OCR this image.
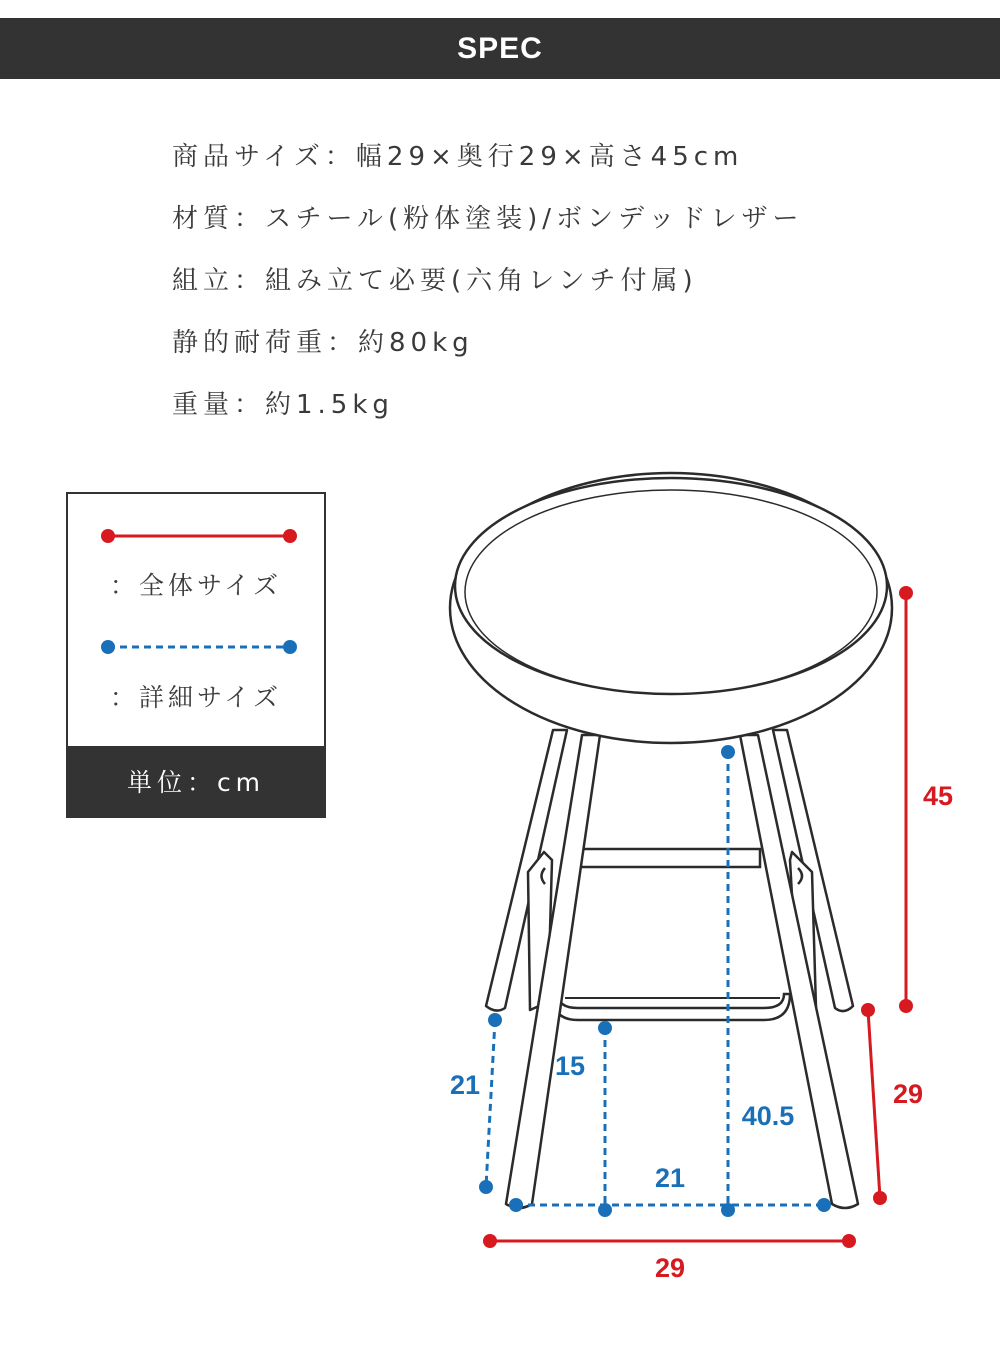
SPEC
商品サイズ：幅29×奥行29×高さ45cm
材質：スチール(粉体塗装)/ボンデッドレザー
組立：組み立て必要(六角レンチ付属)
静的耐荷重：約80kg
重量：約1.5kg
：全体サイズ
：詳細サイズ
単位：cm	45
29
29
21
15
40.5
21
